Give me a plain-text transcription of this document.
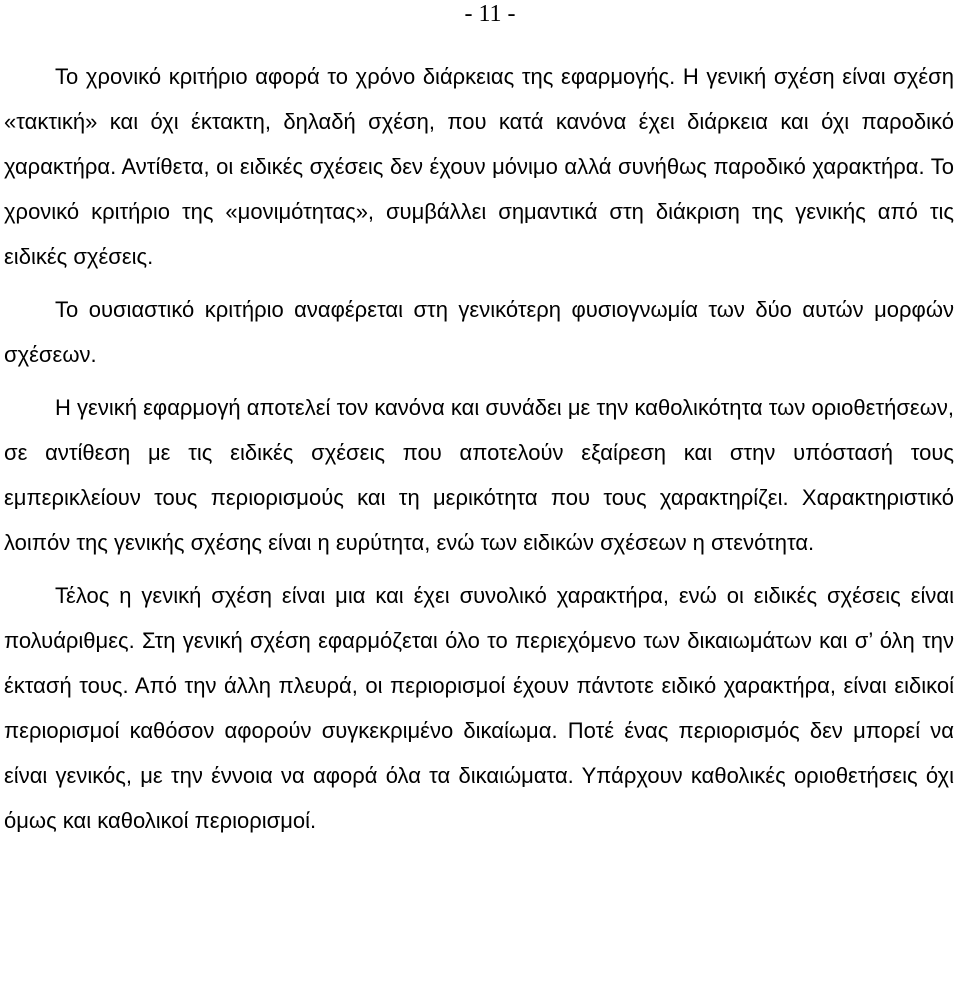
- 11 -

Το χρονικό κριτήριο αφορά το χρόνο διάρκειας της εφαρμογής. Η γενική σχέση είναι σχέση «τακτική» και όχι έκτακτη, δηλαδή σχέση, που κατά κανόνα έχει διάρκεια και όχι παροδικό χαρακτήρα. Αντίθετα, οι ειδικές σχέσεις δεν έχουν μόνιμο αλλά συνήθως παροδικό χαρακτήρα. Το χρονικό κριτήριο της «μονιμότητας», συμβάλλει σημαντικά στη διάκριση της γενικής από τις ειδικές σχέσεις.

Το ουσιαστικό κριτήριο αναφέρεται στη γενικότερη φυσιογνωμία των δύο αυτών μορφών σχέσεων.

Η γενική εφαρμογή αποτελεί τον κανόνα και συνάδει με την καθολικότητα των οριοθετήσεων, σε αντίθεση με τις ειδικές σχέσεις που αποτελούν εξαίρεση και στην υπόστασή τους εμπερικλείουν τους περιορισμούς και τη μερικότητα που τους χαρακτηρίζει. Χαρακτηριστικό λοιπόν της γενικής σχέσης είναι η ευρύτητα, ενώ των ειδικών σχέσεων η στενότητα.

Τέλος η γενική σχέση είναι μια και έχει συνολικό χαρακτήρα, ενώ οι ειδικές σχέσεις είναι πολυάριθμες. Στη γενική σχέση εφαρμόζεται όλο το περιεχόμενο των δικαιωμάτων και σ’ όλη την έκτασή τους. Από την άλλη πλευρά, οι περιορισμοί έχουν πάντοτε ειδικό χαρακτήρα, είναι ειδικοί περιορισμοί καθόσον αφορούν συγκεκριμένο δικαίωμα. Ποτέ ένας περιορισμός δεν μπορεί να είναι γενικός, με την έννοια να αφορά όλα τα δικαιώματα. Υπάρχουν καθολικές οριοθετήσεις όχι όμως και καθολικοί περιορισμοί.
